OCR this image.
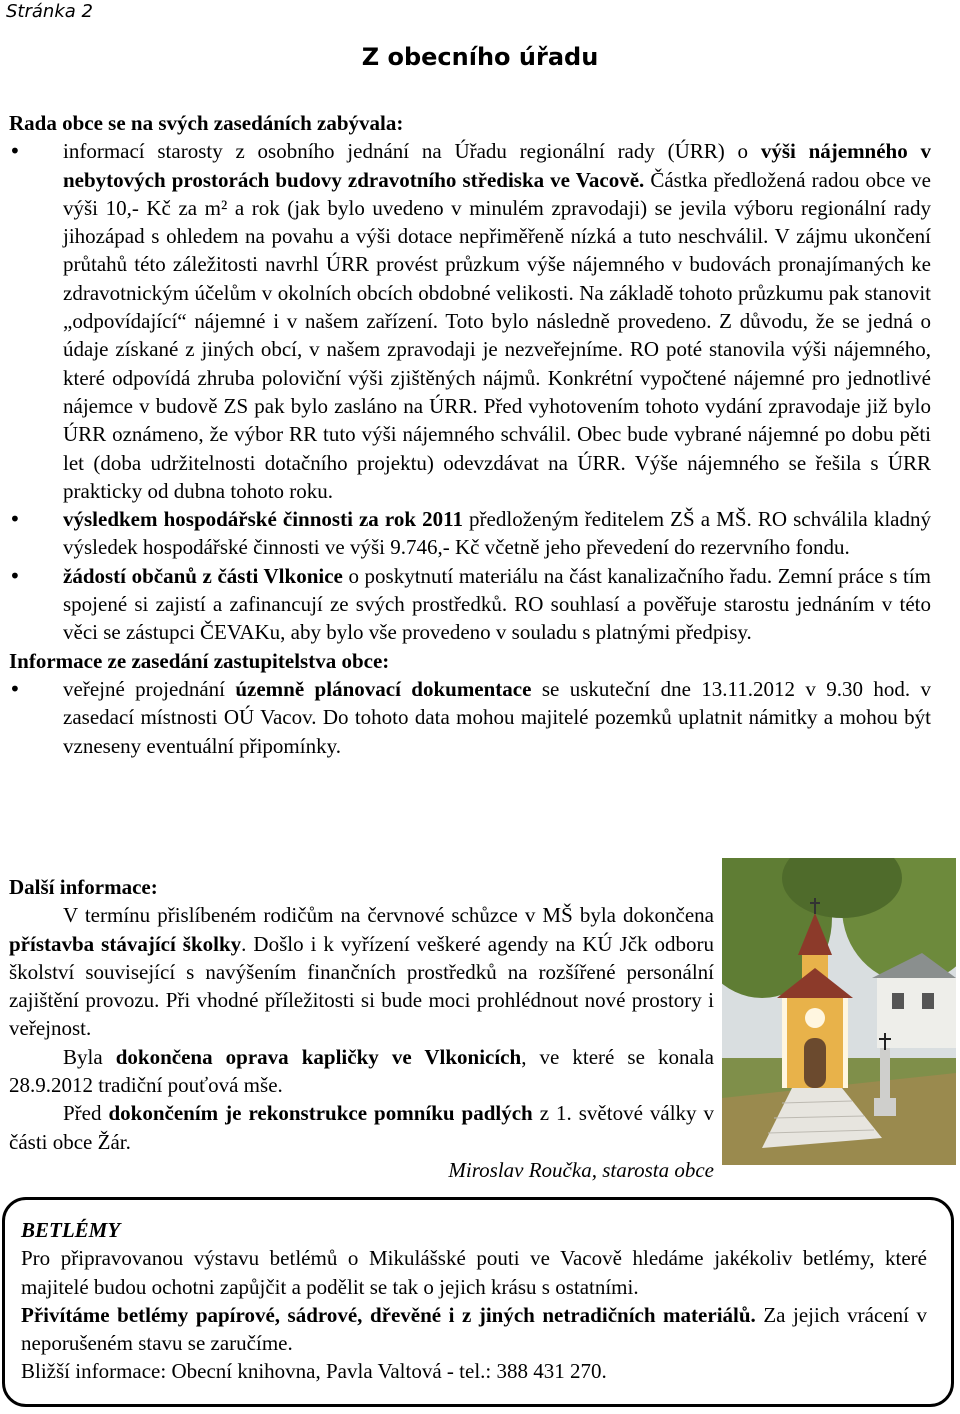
Stránka 2
Z obecního úřadu

Rada obce se na svých zasedáních zabývala:

• informací starosty z osobního jednání na Úřadu regionální rady (ÚRR) o výši nájemného v nebytových prostorách budovy zdravotního střediska ve Vacově. Částka předložená radou obce ve výši 10,- Kč za m² a rok (jak bylo uvedeno v minulém zpravodaji) se jevila výboru regionální rady jihozápad s ohledem na povahu a výši dotace nepřiměřeně nízká a tuto neschválil. V zájmu ukončení průtahů této záležitosti navrhl ÚRR provést průzkum výše nájemného v budovách pronajímaných ke zdravotnickým účelům v okolních obcích obdobné velikosti. Na základě tohoto průzkumu pak stanovit „odpovídající“ nájemné i v našem zařízení. Toto bylo následně provedeno. Z důvodu, že se jedná o údaje získané z jiných obcí, v našem zpravodaji je nezveřejníme. RO poté stanovila výši nájemného, které odpovídá zhruba poloviční výši zjištěných nájmů. Konkrétní vypočtené nájemné pro jednotlivé nájemce v budově ZS pak bylo zasláno na ÚRR. Před vyhotovením tohoto vydání zpravodaje již bylo ÚRR oznámeno, že výbor RR tuto výši nájemného schválil. Obec bude vybrané nájemné po dobu pěti let (doba udržitelnosti dotačního projektu) odevzdávat na ÚRR. Výše nájemného se řešila s ÚRR prakticky od dubna tohoto roku.
• výsledkem hospodářské činnosti za rok 2011 předloženým ředitelem ZŠ a MŠ. RO schválila kladný výsledek hospodářské činnosti ve výši 9.746,- Kč včetně jeho převedení do rezervního fondu.
• žádostí občanů z části Vlkonice o poskytnutí materiálu na část kanalizačního řadu. Zemní práce s tím spojené si zajistí a zafinancují ze svých prostředků. RO souhlasí a pověřuje starostu jednáním v této věci se zástupci ČEVAKu, aby bylo vše provedeno v souladu s platnými předpisy.

Informace ze zasedání zastupitelstva obce:

• veřejné projednání územně plánovací dokumentace se uskuteční dne 13.11.2012 v 9.30 hod. v zasedací místnosti OÚ Vacov. Do tohoto data mohou majitelé pozemků uplatnit námitky a mohou být vzneseny eventuální připomínky.

Další informace:

V termínu přislíbeném rodičům na červnové schůzce v MŠ byla dokončena přístavba stávající školky. Došlo i k vyřízení veškeré agendy na KÚ Jčk odboru školství související s navýšením finančních prostředků na rozšířené personální zajištění provozu. Při vhodné příležitosti si bude moci prohlédnout nové prostory i veřejnost.

Byla dokončena oprava kapličky ve Vlkonicích, ve které se konala 28.9.2012 tradiční pouťová mše.

Před dokončením je rekonstrukce pomníku padlých z 1. světové války v části obce Žár.

Miroslav Roučka, starosta obce

BETLÉMY

Pro připravovanou výstavu betlémů o Mikulášské pouti ve Vacově hledáme jakékoliv betlémy, které majitelé budou ochotni zapůjčit a podělit se tak o jejich krásu s ostatními.

Přivítáme betlémy papírové, sádrové, dřevěné i z jiných netradičních materiálů. Za jejich vrácení v neporušeném stavu se zaručíme.

Bližší informace: Obecní knihovna, Pavla Valtová - tel.: 388 431 270.
